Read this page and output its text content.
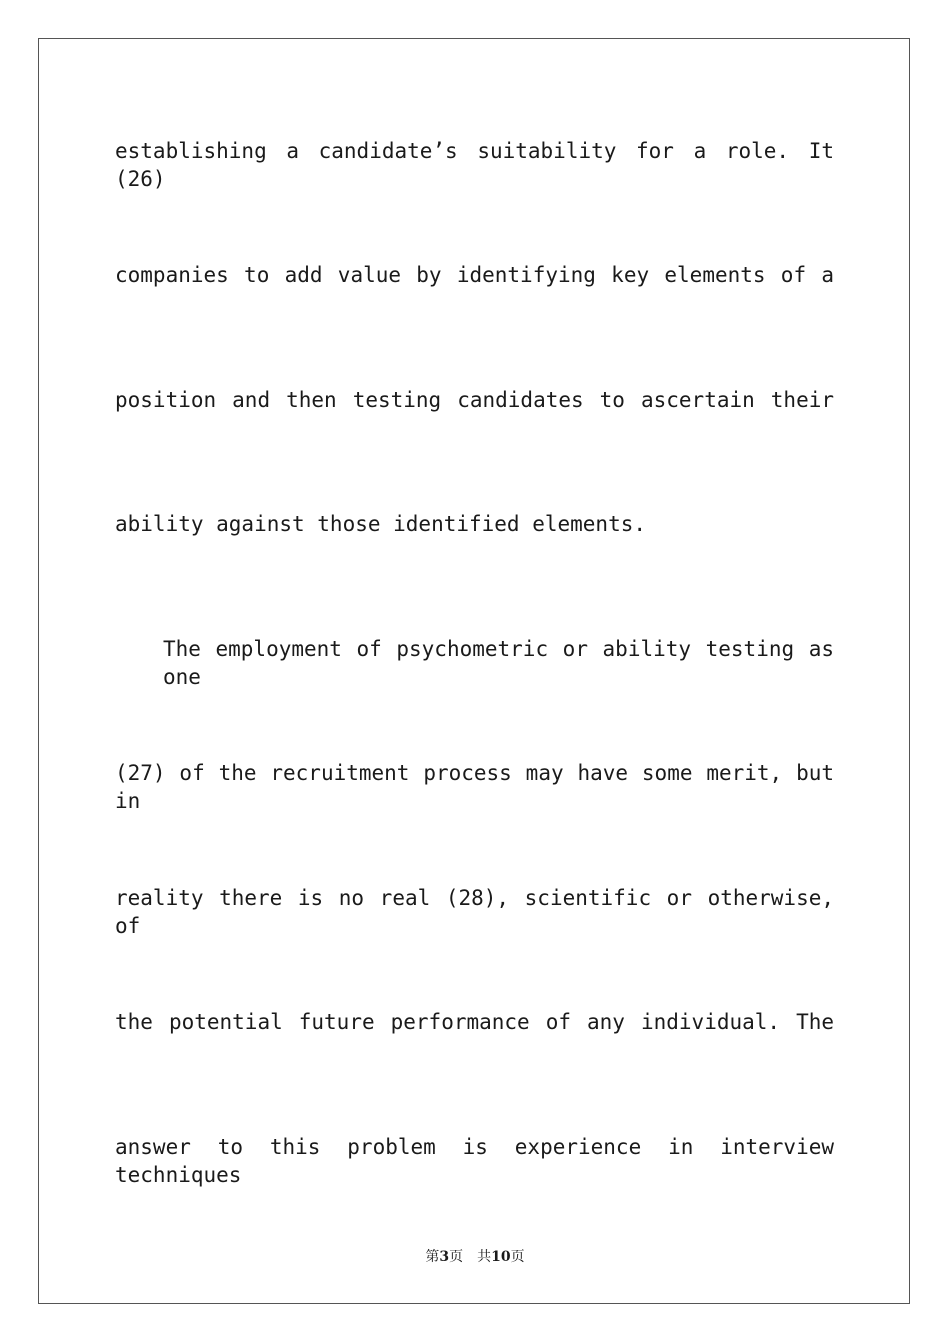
establishing a candidate’s suitability for a role. It (26)
companies to add value by identifying key elements of a
position and then testing candidates to ascertain their
ability against those identified elements.
The employment of psychometric or ability testing as one
(27) of the recruitment process may have some merit, but in
reality there is no real (28), scientific or otherwise, of
the potential future performance of any individual. The
answer to this problem is experience in interview techniques
第3页 共10页
